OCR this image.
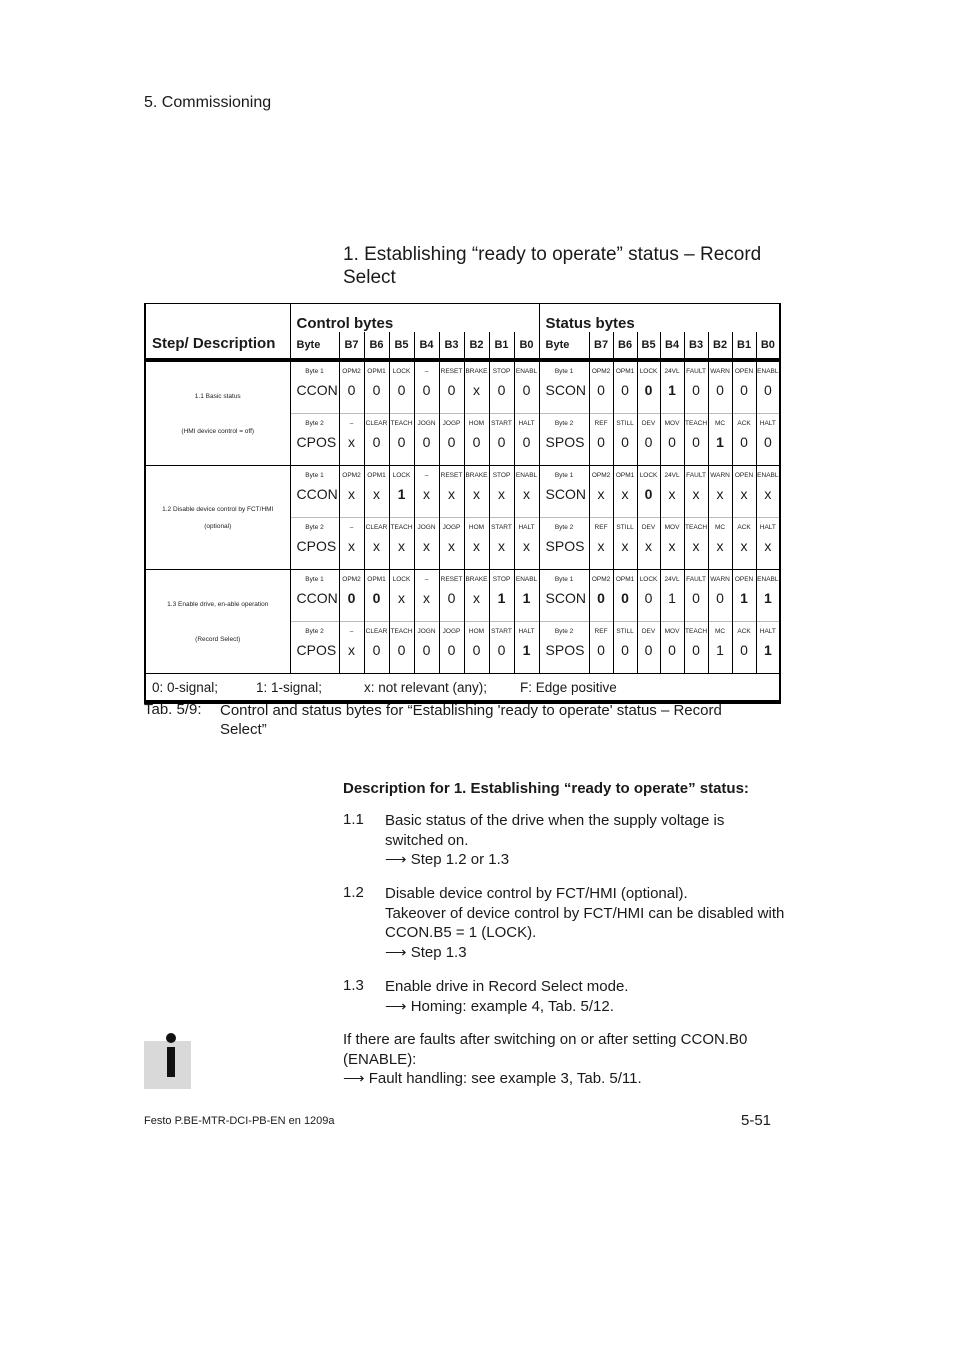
5. Commissioning
1. Establishing “ready to operate” status – Record Select
Step/ Description	Control bytes									Status bytes								
	Byte	B7	B6	B5	B4	B3	B2	B1	B0	Byte	B7	B6	B5	B4	B3	B2	B1	B0

1.1 Basic status
(HMI device control = off)	Byte 1	OPM2	OPM1	LOCK	–	RESET	BRAKE	STOP	ENABL	Byte 1	OPM2	OPM1	LOCK	24VL	FAULT	WARN	OPEN	ENABL
	CCON	0	0	0	0	0	x	0	0	SCON	0	0	0	1	0	0	0	0
	Byte 2	–	CLEAR	TEACH	JOGN	JOGP	HOM	START	HALT	Byte 2	REF	STILL	DEV	MOV	TEACH	MC	ACK	HALT
	CPOS	x	0	0	0	0	0	0	0	SPOS	0	0	0	0	0	1	0	0

1.2 Disable device control by FCT/HMI (optional)	Byte 1	OPM2	OPM1	LOCK	–	RESET	BRAKE	STOP	ENABL	Byte 1	OPM2	OPM1	LOCK	24VL	FAULT	WARN	OPEN	ENABL
	CCON	x	x	1	x	x	x	x	x	SCON	x	x	0	x	x	x	x	x
	Byte 2	–	CLEAR	TEACH	JOGN	JOGP	HOM	START	HALT	Byte 2	REF	STILL	DEV	MOV	TEACH	MC	ACK	HALT
	CPOS	x	x	x	x	x	x	x	x	SPOS	x	x	x	x	x	x	x	x

1.3 Enable drive, en-able operation
(Record Select)	Byte 1	OPM2	OPM1	LOCK	–	RESET	BRAKE	STOP	ENABL	Byte 1	OPM2	OPM1	LOCK	24VL	FAULT	WARN	OPEN	ENABL
	CCON	0	0	x	x	0	x	1	1	SCON	0	0	0	1	0	0	1	1
	Byte 2	–	CLEAR	TEACH	JOGN	JOGP	HOM	START	HALT	Byte 2	REF	STILL	DEV	MOV	TEACH	MC	ACK	HALT
	CPOS	x	0	0	0	0	0	0	1	SPOS	0	0	0	0	0	1	0	1
0: 0-signal; 1: 1-signal; x: not relevant (any); F: Edge positive																		
Tab. 5/9: Control and status bytes for “Establishing 'ready to operate' status – Record Select”
Description for 1. Establishing “ready to operate” status:
1.1 Basic status of the drive when the supply voltage is switched on.
⟶ Step 1.2 or 1.3
1.2 Disable device control by FCT/HMI (optional).
Takeover of device control by FCT/HMI can be disabled with CCON.B5 = 1 (LOCK).
⟶ Step 1.3
1.3 Enable drive in Record Select mode.
⟶ Homing: example 4, Tab. 5/12.
If there are faults after switching on or after setting CCON.B0 (ENABLE):
⟶ Fault handling: see example 3, Tab. 5/11.
Festo P.BE-MTR-DCI-PB-EN en 1209a	5-51
